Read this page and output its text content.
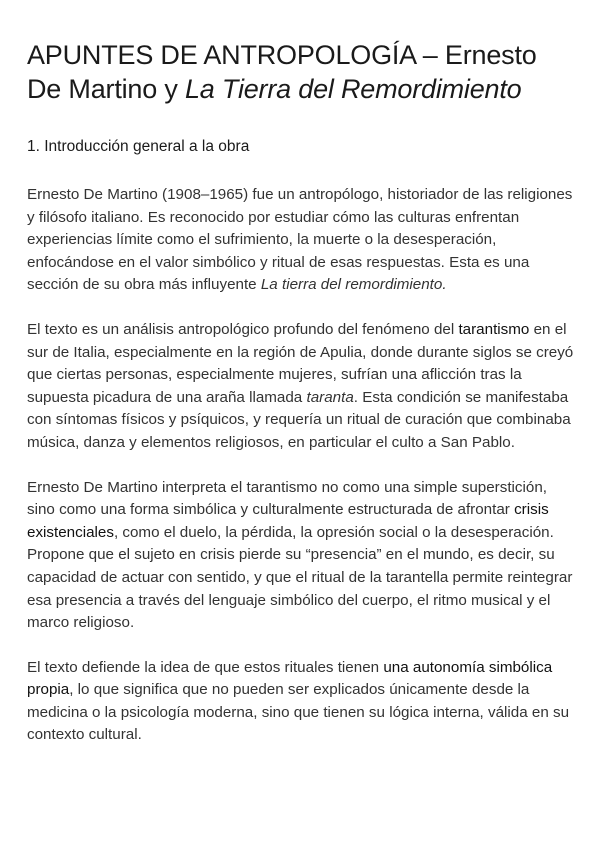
APUNTES DE ANTROPOLOGÍA – Ernesto De Martino y La Tierra del Remordimiento
1. Introducción general a la obra

Ernesto De Martino (1908–1965) fue un antropólogo, historiador de las religiones y filósofo italiano. Es reconocido por estudiar cómo las culturas enfrentan experiencias límite como el sufrimiento, la muerte o la desesperación, enfocándose en el valor simbólico y ritual de esas respuestas. Esta es una sección de su obra más influyente La tierra del remordimiento.

El texto es un análisis antropológico profundo del fenómeno del tarantismo en el sur de Italia, especialmente en la región de Apulia, donde durante siglos se creyó que ciertas personas, especialmente mujeres, sufrían una aflicción tras la supuesta picadura de una araña llamada taranta. Esta condición se manifestaba con síntomas físicos y psíquicos, y requería un ritual de curación que combinaba música, danza y elementos religiosos, en particular el culto a San Pablo.

Ernesto De Martino interpreta el tarantismo no como una simple superstición, sino como una forma simbólica y culturalmente estructurada de afrontar crisis existenciales, como el duelo, la pérdida, la opresión social o la desesperación. Propone que el sujeto en crisis pierde su “presencia” en el mundo, es decir, su capacidad de actuar con sentido, y que el ritual de la tarantella permite reintegrar esa presencia a través del lenguaje simbólico del cuerpo, el ritmo musical y el marco religioso.

El texto defiende la idea de que estos rituales tienen una autonomía simbólica propia, lo que significa que no pueden ser explicados únicamente desde la medicina o la psicología moderna, sino que tienen su lógica interna, válida en su contexto cultural.
